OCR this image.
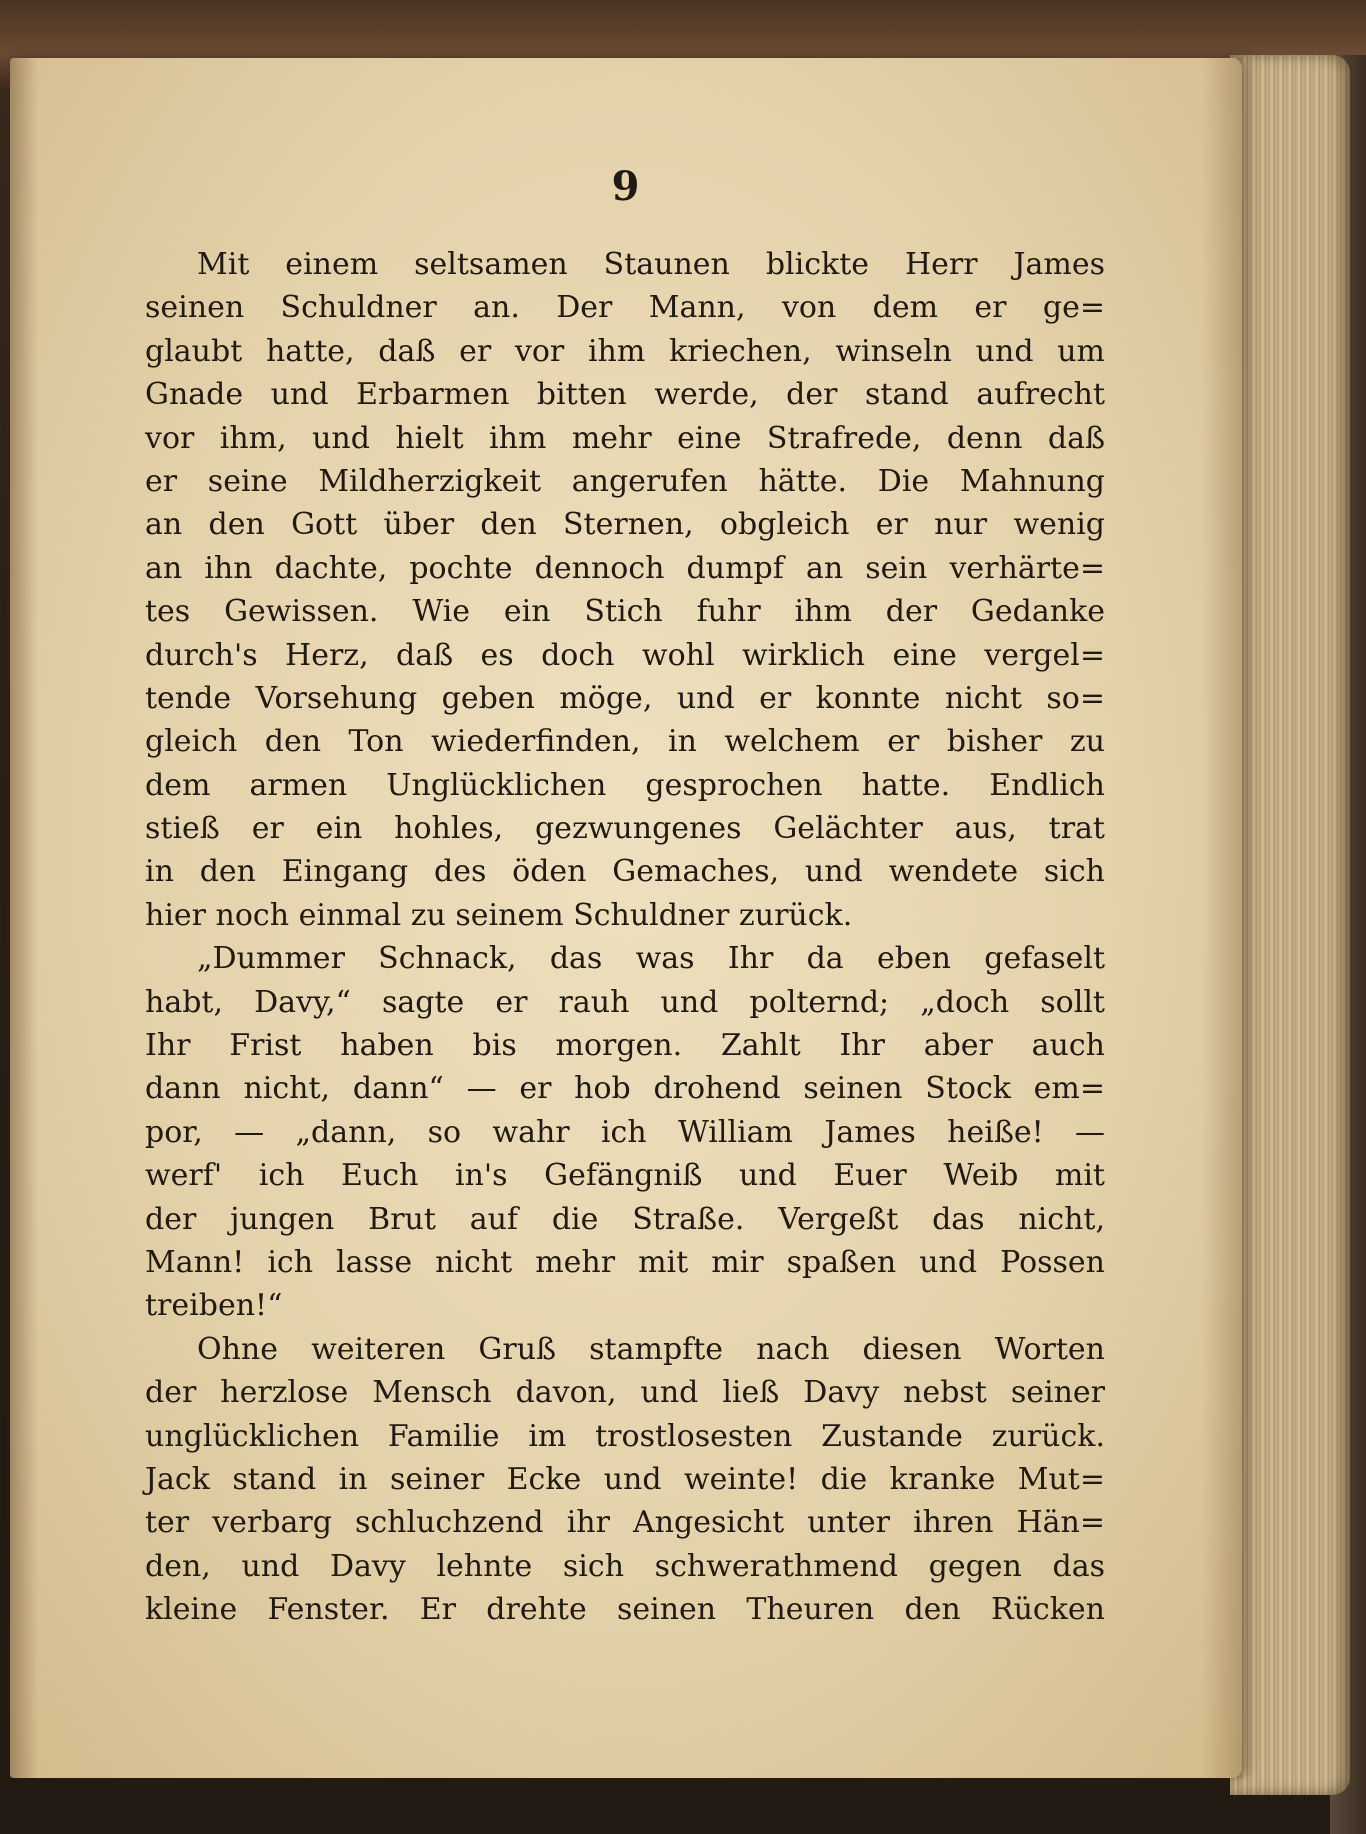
9
Mit einem seltsamen Staunen blickte Herr James
seinen Schuldner an. Der Mann, von dem er ge=
glaubt hatte, daß er vor ihm kriechen, winseln und um
Gnade und Erbarmen bitten werde, der stand aufrecht
vor ihm, und hielt ihm mehr eine Strafrede, denn daß
er seine Mildherzigkeit angerufen hätte. Die Mahnung
an den Gott über den Sternen, obgleich er nur wenig
an ihn dachte, pochte dennoch dumpf an sein verhärte=
tes Gewissen. Wie ein Stich fuhr ihm der Gedanke
durch's Herz, daß es doch wohl wirklich eine vergel=
tende Vorsehung geben möge, und er konnte nicht so=
gleich den Ton wiederfinden, in welchem er bisher zu
dem armen Unglücklichen gesprochen hatte. Endlich
stieß er ein hohles, gezwungenes Gelächter aus, trat
in den Eingang des öden Gemaches, und wendete sich
hier noch einmal zu seinem Schuldner zurück.
„Dummer Schnack, das was Ihr da eben gefaselt
habt, Davy,“ sagte er rauh und polternd; „doch sollt
Ihr Frist haben bis morgen. Zahlt Ihr aber auch
dann nicht, dann“ — er hob drohend seinen Stock em=
por, — „dann, so wahr ich William James heiße! —
werf' ich Euch in's Gefängniß und Euer Weib mit
der jungen Brut auf die Straße. Vergeßt das nicht,
Mann! ich lasse nicht mehr mit mir spaßen und Possen
treiben!“
Ohne weiteren Gruß stampfte nach diesen Worten
der herzlose Mensch davon, und ließ Davy nebst seiner
unglücklichen Familie im trostlosesten Zustande zurück.
Jack stand in seiner Ecke und weinte! die kranke Mut=
ter verbarg schluchzend ihr Angesicht unter ihren Hän=
den, und Davy lehnte sich schwerathmend gegen das
kleine Fenster. Er drehte seinen Theuren den Rücken
